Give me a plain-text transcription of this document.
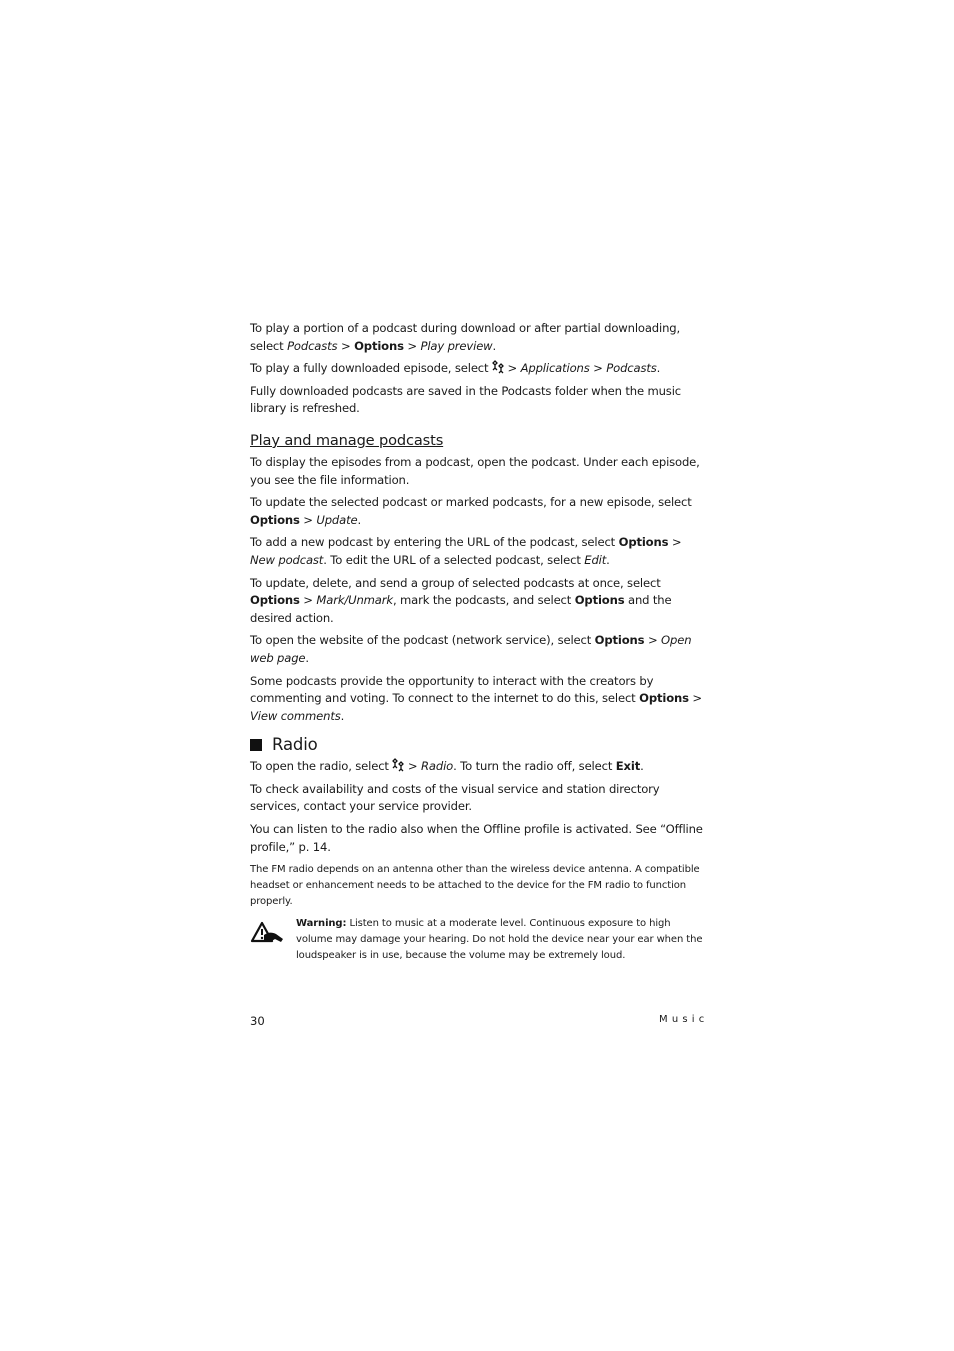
To play a portion of a podcast during download or after partial downloading, select Podcasts > Options > Play preview.

To play a fully downloaded episode, select  > Applications > Podcasts.

Fully downloaded podcasts are saved in the Podcasts folder when the music library is refreshed.

Play and manage podcasts

To display the episodes from a podcast, open the podcast. Under each episode, you see the file information.

To update the selected podcast or marked podcasts, for a new episode, select Options > Update.

To add a new podcast by entering the URL of the podcast, select Options > New podcast. To edit the URL of a selected podcast, select Edit.

To update, delete, and send a group of selected podcasts at once, select Options > Mark/Unmark, mark the podcasts, and select Options and the desired action.

To open the website of the podcast (network service), select Options > Open web page.

Some podcasts provide the opportunity to interact with the creators by commenting and voting. To connect to the internet to do this, select Options > View comments.

Radio

To open the radio, select  > Radio. To turn the radio off, select Exit.

To check availability and costs of the visual service and station directory services, contact your service provider.

You can listen to the radio also when the Offline profile is activated. See “Offline profile,” p. 14.

The FM radio depends on an antenna other than the wireless device antenna. A compatible headset or enhancement needs to be attached to the device for the FM radio to function properly.
Warning: Listen to music at a moderate level. Continuous exposure to high volume may damage your hearing. Do not hold the device near your ear when the loudspeaker is in use, because the volume may be extremely loud.
30	Music
